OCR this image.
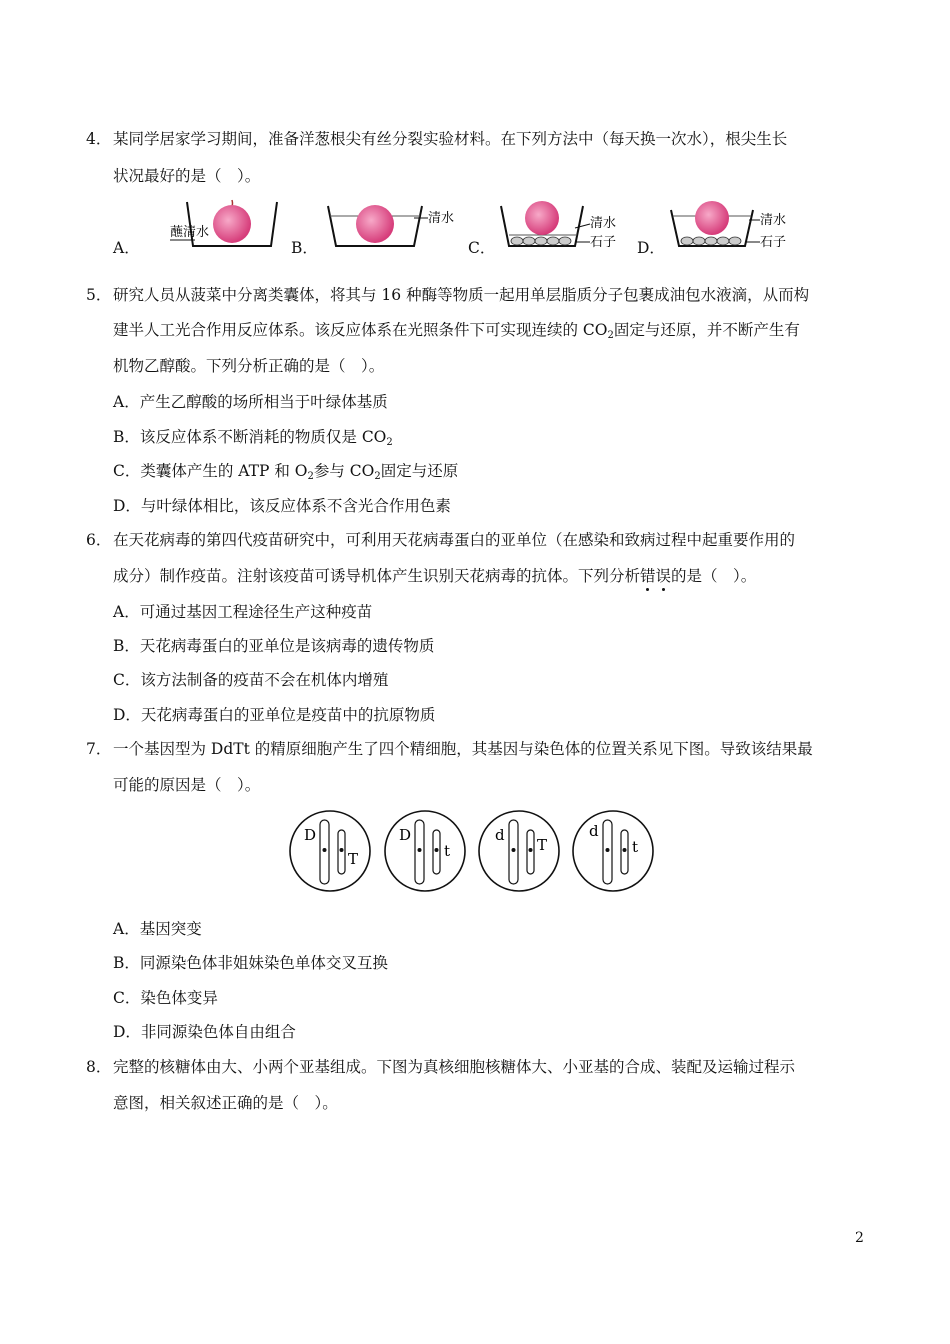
4． 某同学居家学习期间，准备洋葱根尖有丝分裂实验材料。在下列方法中（每天换一次水），根尖生长
状况最好的是（　）。
A．
蘸清水
B．
清水
C．
清水
石子 D．
清水
石子
5． 研究人员从菠菜中分离类囊体，将其与 16 种酶等物质一起用单层脂质分子包裹成油包水液滴，从而构
建半人工光合作用反应体系。该反应体系在光照条件下可实现连续的 $CO_2$固定与还原，并不断产生有
机物乙醇酸。下列分析正确的是（　）。
A．产生乙醇酸的场所相当于叶绿体基质
B．该反应体系不断消耗的物质仅是 $CO_2$
C．类囊体产生的 ATP 和 $O_2$参与 $CO_2$固定与还原
D．与叶绿体相比，该反应体系不含光合作用色素
6． 在天花病毒的第四代疫苗研究中，可利用天花病毒蛋白的亚单位（在感染和致病过程中起重要作用的
成分）制作疫苗。注射该疫苗可诱导机体产生识别天花病毒的抗体。下列分析错误的是（　）。
A．可通过基因工程途径生产这种疫苗
B．天花病毒蛋白的亚单位是该病毒的遗传物质
C．该方法制备的疫苗不会在机体内增殖
D．天花病毒蛋白的亚单位是疫苗中的抗原物质
7． 一个基因型为 DdTt 的精原细胞产生了四个精细胞，其基因与染色体的位置关系见下图。导致该结果最
可能的原因是（　）。
D
T
D
t
d
T
d
t
A．基因突变
B．同源染色体非姐妹染色单体交叉互换
C．染色体变异
D．非同源染色体自由组合
8． 完整的核糖体由大、小两个亚基组成。下图为真核细胞核糖体大、小亚基的合成、装配及运输过程示
意图，相关叙述正确的是（　）。
2
